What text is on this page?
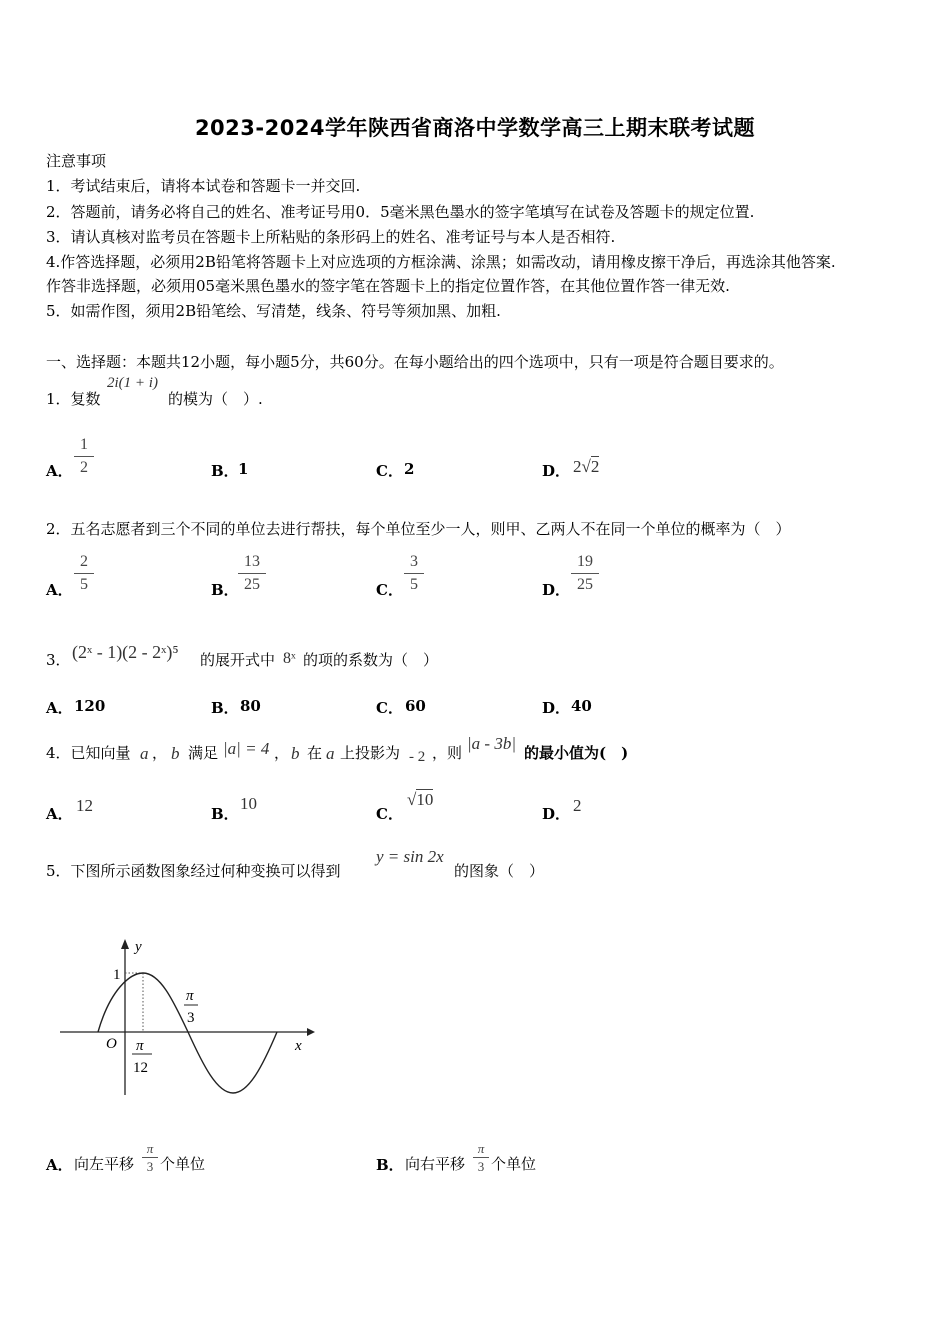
2023-2024学年陕西省商洛中学数学高三上期末联考试题
注意事项
1．考试结束后，请将本试卷和答题卡一并交回.
2．答题前，请务必将自己的姓名、准考证号用0．5毫米黑色墨水的签字笔填写在试卷及答题卡的规定位置.
3．请认真核对监考员在答题卡上所粘贴的条形码上的姓名、准考证号与本人是否相符.
4.作答选择题，必须用2B铅笔将答题卡上对应选项的方框涂满、涂黑；如需改动，请用橡皮擦干净后，再选涂其他答案.
作答非选择题，必须用05毫米黑色墨水的签字笔在答题卡上的指定位置作答，在其他位置作答一律无效.
5．如需作图，须用2B铅笔绘、写清楚，线条、符号等须加黑、加粗.
一、选择题：本题共12小题，每小题5分，共60分。在每小题给出的四个选项中，只有一项是符合题目要求的。
1．复数
2i(1 + i)
的模为（　）.
A．
1
2	B． 1	C． 2	D． 2√2
2．五名志愿者到三个不同的单位去进行帮扶，每个单位至少一人，则甲、乙两人不在同一个单位的概率为（　）
A．
2
5	B．
13
25	C．
3
5	D．
19
25
3． (2ˣ - 1)(2 - 2ˣ)⁵ 的展开式中 8ˣ 的项的系数为（　）
A． 120	B． 80	C． 60	D． 40
4．已知向量 a ， b 满足 |a| = 4 ， b 在 a 上投影为 - 2 ，则 |a - 3b| 的最小值为(　)
A． 12	B．
10
C．
√10
D． 2
5．下图所示函数图象经过何种变换可以得到
y = sin 2x
的图象（　）
y
x
O
1
π
3
π
12
A． 向左平移
π
3 个单位	B． 向右平移
π
3 个单位
